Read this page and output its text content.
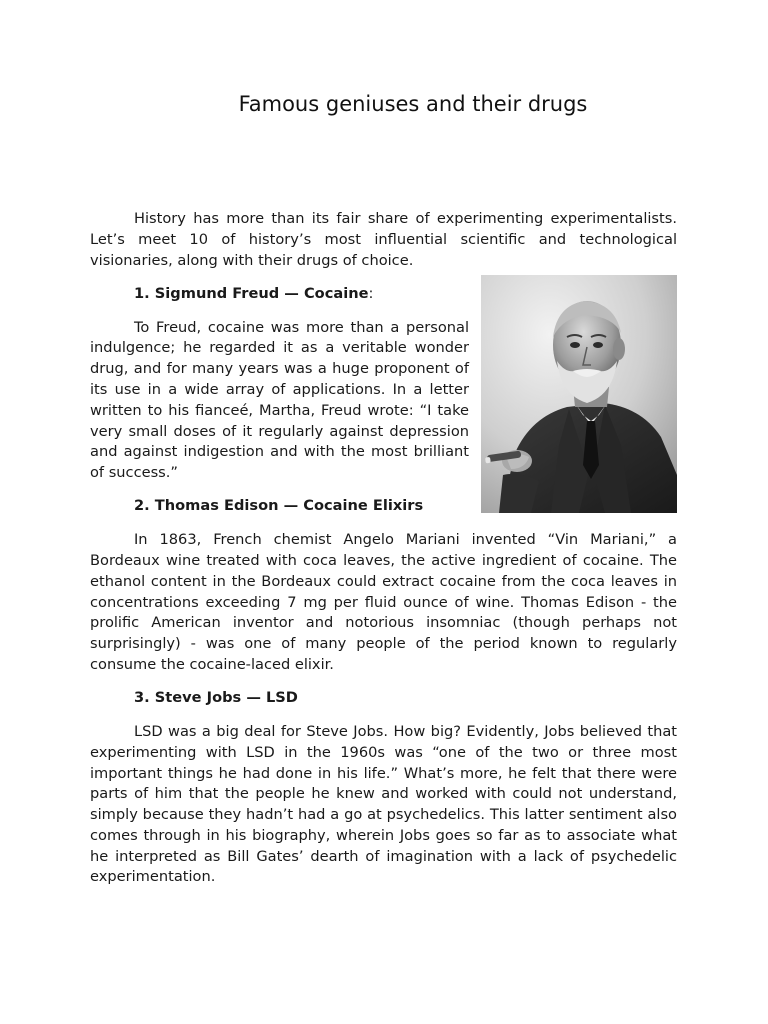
Famous geniuses and their drugs

History has more than its fair share of experimenting experimentalists. Let’s meet 10 of history’s most influential scientific and technological visionaries, along with their drugs of choice.

1. Sigmund Freud — Cocaine:

To Freud, cocaine was more than a personal indulgence; he regarded it as a veritable wonder drug, and for many years was a huge proponent of its use in a wide array of applications. In a letter written to his fianceé, Martha, Freud wrote: “I take very small doses of it regularly against depression and against indigestion and with the most brilliant of success.”

2. Thomas Edison — Cocaine Elixirs

In 1863, French chemist Angelo Mariani invented “Vin Mariani,” a Bordeaux wine treated with coca leaves, the active ingredient of cocaine. The ethanol content in the Bordeaux could extract cocaine from the coca leaves in concentrations exceeding 7 mg per fluid ounce of wine. Thomas Edison - the prolific American inventor and notorious insomniac (though perhaps not surprisingly) - was one of many people of the period known to regularly consume the cocaine-laced elixir.

3. Steve Jobs — LSD

LSD was a big deal for Steve Jobs. How big? Evidently, Jobs believed that experimenting with LSD in the 1960s was “one of the two or three most important things he had done in his life.” What’s more, he felt that there were parts of him that the people he knew and worked with could not understand, simply because they hadn’t had a go at psychedelics. This latter sentiment also comes through in his biography, wherein Jobs goes so far as to associate what he interpreted as Bill Gates’ dearth of imagination with a lack of psychedelic experimentation.
